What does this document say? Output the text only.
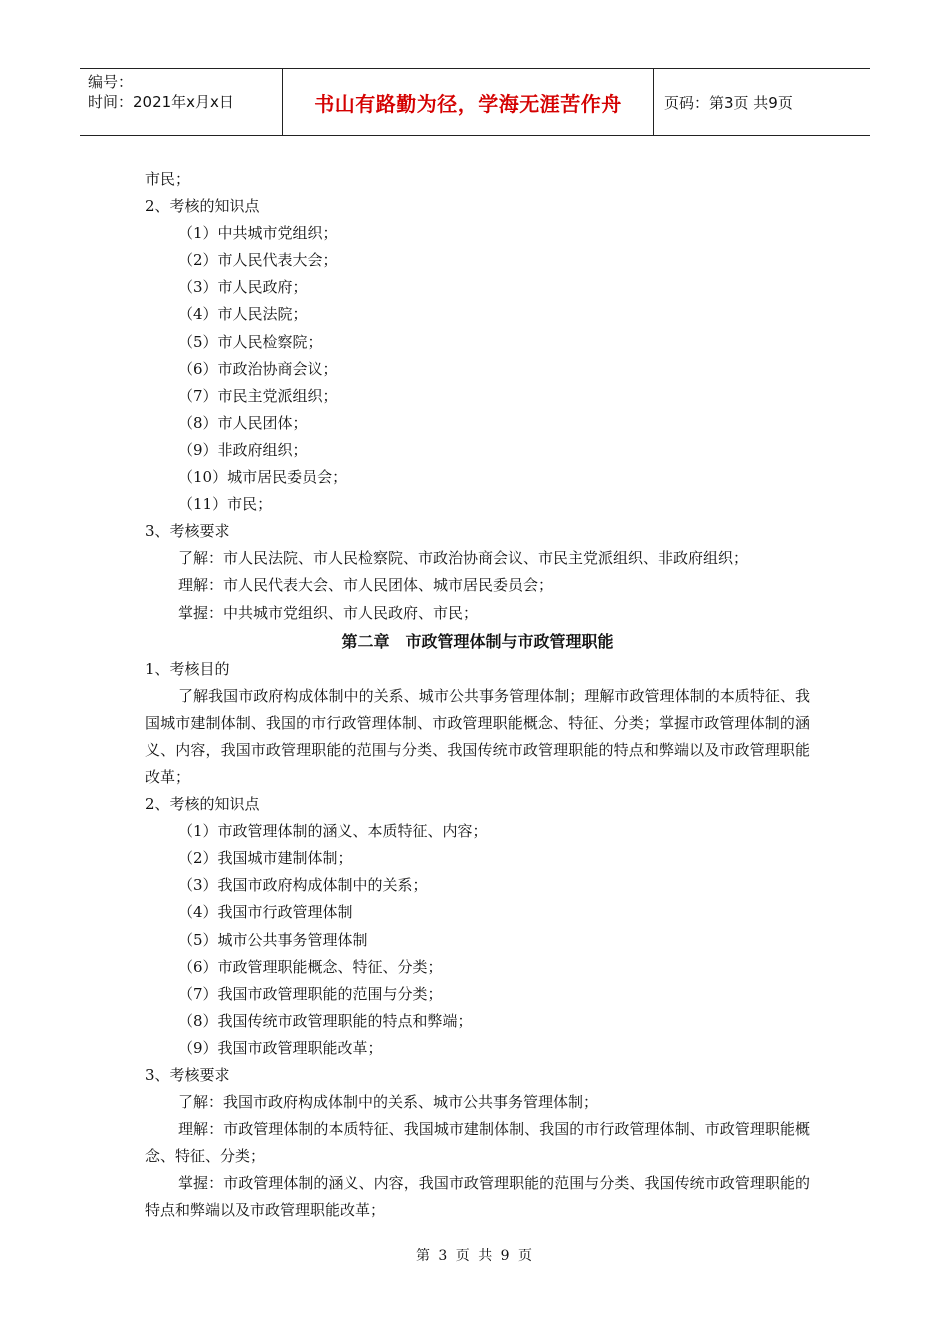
编号：
时间：2021年x月x日	书山有路勤为径，学海无涯苦作舟	页码：第3页 共9页
市民；
2、考核的知识点
（1）中共城市党组织；
（2）市人民代表大会；
（3）市人民政府；
（4）市人民法院；
（5）市人民检察院；
（6）市政治协商会议；
（7）市民主党派组织；
（8）市人民团体；
（9）非政府组织；
（10）城市居民委员会；
（11）市民；
3、考核要求
了解：市人民法院、市人民检察院、市政治协商会议、市民主党派组织、非政府组织；
理解：市人民代表大会、市人民团体、城市居民委员会；
掌握：中共城市党组织、市人民政府、市民；
第二章　市政管理体制与市政管理职能
1、考核目的
了解我国市政府构成体制中的关系、城市公共事务管理体制；理解市政管理体制的本质特征、我国城市建制体制、我国的市行政管理体制、市政管理职能概念、特征、分类；掌握市政管理体制的涵义、内容，我国市政管理职能的范围与分类、我国传统市政管理职能的特点和弊端以及市政管理职能改革；
2、考核的知识点
（1）市政管理体制的涵义、本质特征、内容；
（2）我国城市建制体制；
（3）我国市政府构成体制中的关系；
（4）我国市行政管理体制
（5）城市公共事务管理体制
（6）市政管理职能概念、特征、分类；
（7）我国市政管理职能的范围与分类；
（8）我国传统市政管理职能的特点和弊端；
（9）我国市政管理职能改革；
3、考核要求
了解：我国市政府构成体制中的关系、城市公共事务管理体制；
理解：市政管理体制的本质特征、我国城市建制体制、我国的市行政管理体制、市政管理职能概念、特征、分类；
掌握：市政管理体制的涵义、内容，我国市政管理职能的范围与分类、我国传统市政管理职能的特点和弊端以及市政管理职能改革；
第 3 页 共 9 页
